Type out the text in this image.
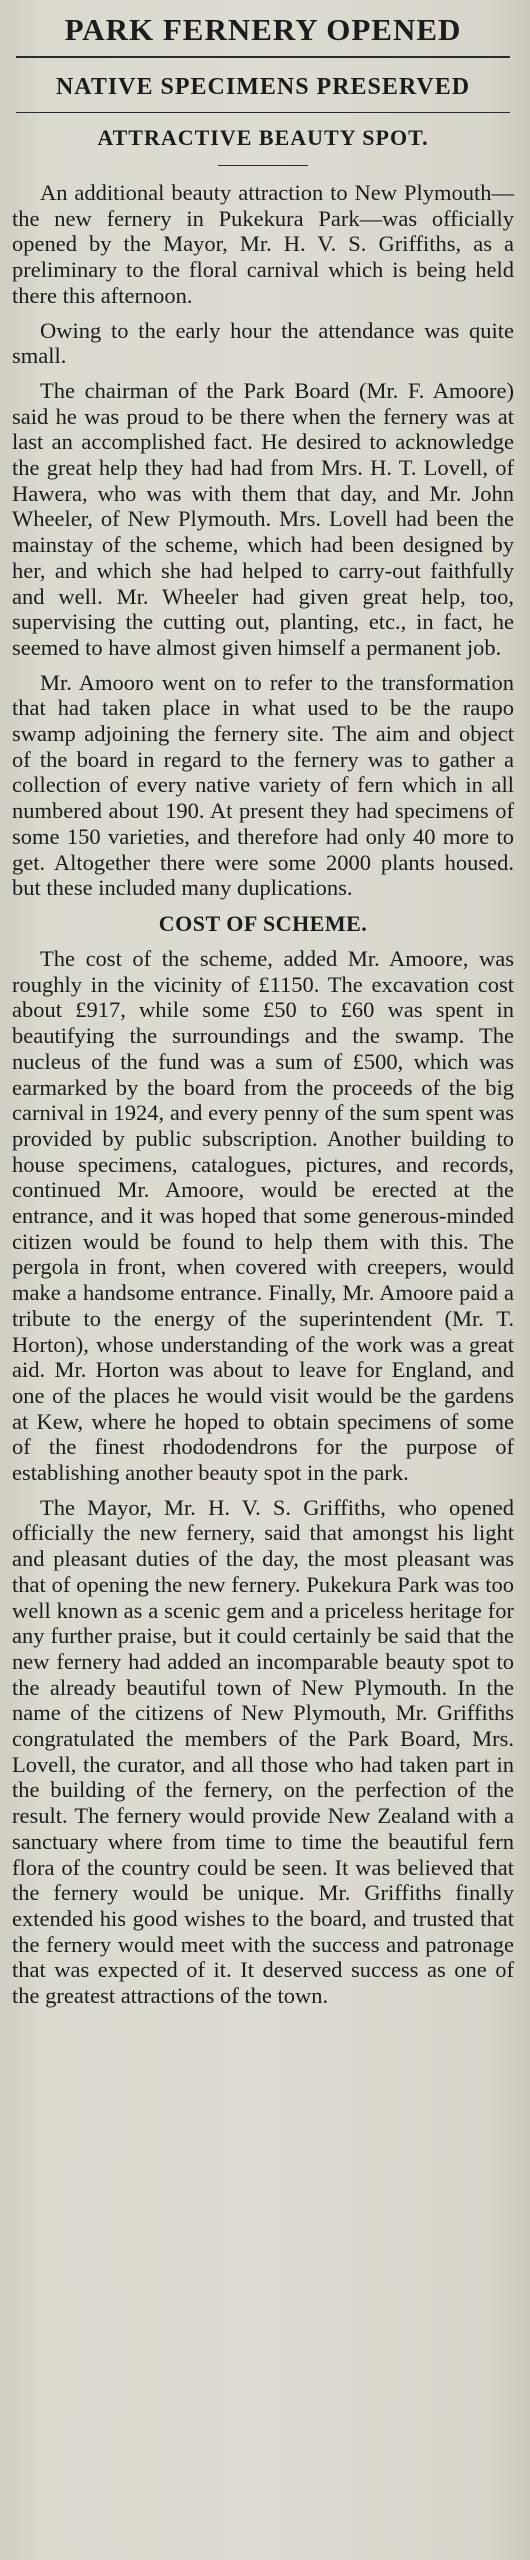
PARK FERNERY OPENED
NATIVE SPECIMENS PRESERVED
ATTRACTIVE BEAUTY SPOT.

An additional beauty attraction to New Plymouth—the new fernery in Pukekura Park—was officially opened by the Mayor, Mr. H. V. S. Griffiths, as a preliminary to the floral carnival which is being held there this afternoon.

Owing to the early hour the attendance was quite small.

The chairman of the Park Board (Mr. F. Amoore) said he was proud to be there when the fernery was at last an accomplished fact. He desired to acknowledge the great help they had had from Mrs. H. T. Lovell, of Hawera, who was with them that day, and Mr. John Wheeler, of New Plymouth. Mrs. Lovell had been the mainstay of the scheme, which had been designed by her, and which she had helped to carry-out faithfully and well. Mr. Wheeler had given great help, too, supervising the cutting out, planting, etc., in fact, he seemed to have almost given himself a permanent job.

Mr. Amooro went on to refer to the transformation that had taken place in what used to be the raupo swamp adjoining the fernery site. The aim and object of the board in regard to the fernery was to gather a collection of every native variety of fern which in all numbered about 190. At present they had specimens of some 150 varieties, and therefore had only 40 more to get. Altogether there were some 2000 plants housed. but these included many duplications.

COST OF SCHEME.

The cost of the scheme, added Mr. Amoore, was roughly in the vicinity of £1150. The excavation cost about £917, while some £50 to £60 was spent in beautifying the surroundings and the swamp. The nucleus of the fund was a sum of £500, which was earmarked by the board from the proceeds of the big carnival in 1924, and every penny of the sum spent was provided by public subscription. Another building to house specimens, catalogues, pictures, and records, continued Mr. Amoore, would be erected at the entrance, and it was hoped that some generous-minded citizen would be found to help them with this. The pergola in front, when covered with creepers, would make a handsome entrance. Finally, Mr. Amoore paid a tribute to the energy of the superintendent (Mr. T. Horton), whose understanding of the work was a great aid. Mr. Horton was about to leave for England, and one of the places he would visit would be the gardens at Kew, where he hoped to obtain specimens of some of the finest rhododendrons for the purpose of establishing another beauty spot in the park.

The Mayor, Mr. H. V. S. Griffiths, who opened officially the new fernery, said that amongst his light and pleasant duties of the day, the most pleasant was that of opening the new fernery. Pukekura Park was too well known as a scenic gem and a priceless heritage for any further praise, but it could certainly be said that the new fernery had added an incomparable beauty spot to the already beautiful town of New Plymouth. In the name of the citizens of New Plymouth, Mr. Griffiths congratulated the members of the Park Board, Mrs. Lovell, the curator, and all those who had taken part in the building of the fernery, on the perfection of the result. The fernery would provide New Zealand with a sanctuary where from time to time the beautiful fern flora of the country could be seen. It was believed that the fernery would be unique. Mr. Griffiths finally extended his good wishes to the board, and trusted that the fernery would meet with the success and patronage that was expected of it. It deserved success as one of the greatest attractions of the town.
